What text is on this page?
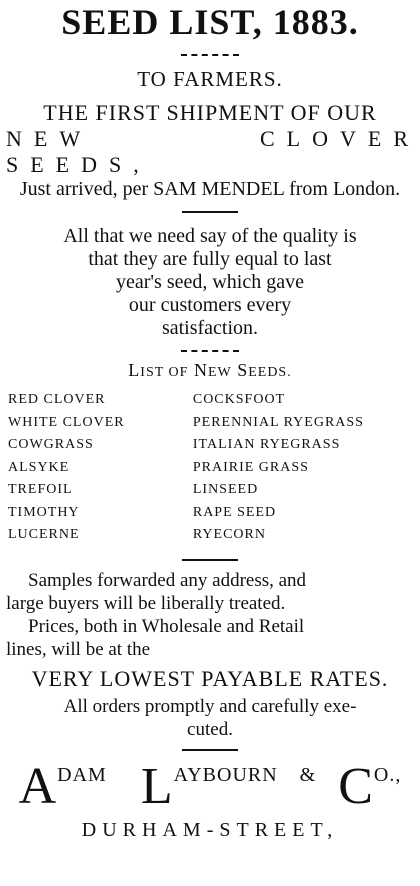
SEED LIST, 1883.
TO FARMERS.
THE FIRST SHIPMENT OF OUR
NEW CLOVER SEEDS,
Just arrived, per SAM MENDEL from London.
All that we need say of the quality is
that they are fully equal to last
year's seed, which gave
our customers every
satisfaction.
LIST OF NEW SEEDS.
RED CLOVER	COCKSFOOT
WHITE CLOVER	PERENNIAL RYEGRASS
COWGRASS	ITALIAN RYEGRASS
ALSYKE	PRAIRIE GRASS
TREFOIL	LINSEED
TIMOTHY	RAPE SEED
LUCERNE	RYECORN
Samples forwarded any address, and
large buyers will be liberally treated.
Prices, both in Wholesale and Retail
lines, will be at the
VERY LOWEST PAYABLE RATES.
All orders promptly and carefully exe-
cuted.
ADAM LAYBOURN & CO.,
DURHAM-STREET,
